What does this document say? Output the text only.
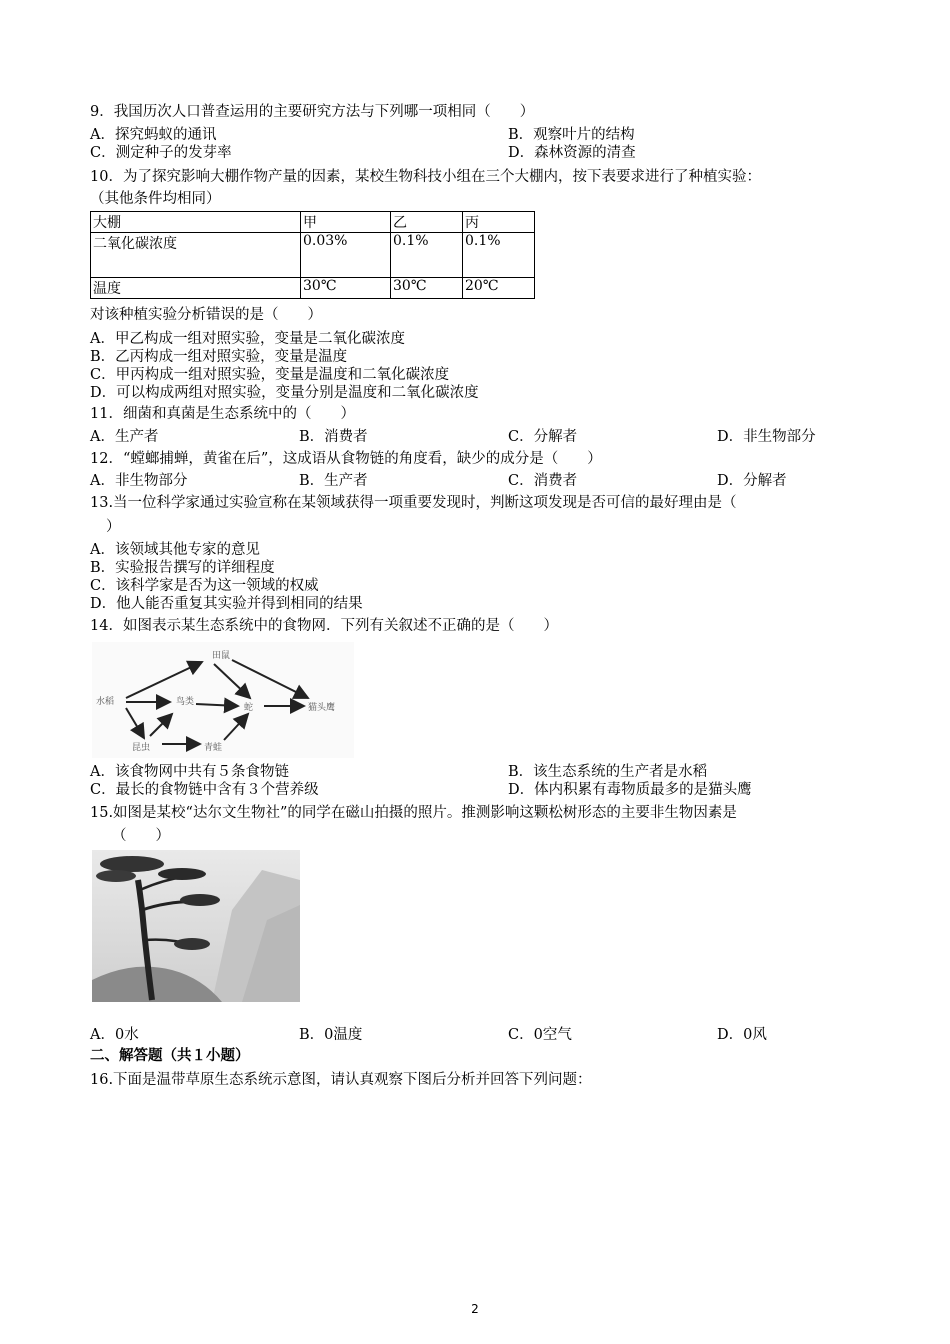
9．我国历次人口普查运用的主要研究方法与下列哪一项相同（　　）
A．探究蚂蚁的通讯	B．观察叶片的结构
C．测定种子的发芽率	D．森林资源的清查
10．为了探究影响大棚作物产量的因素，某校生物科技小组在三个大棚内，按下表要求进行了种植实验：
（其他条件均相同）
大棚	甲	乙	丙
二氧化碳浓度	0.03%	0.1%	0.1%
温度	30℃	30℃	20℃
对该种植实验分析错误的是（　　）
A．甲乙构成一组对照实验，变量是二氧化碳浓度
B．乙丙构成一组对照实验，变量是温度
C．甲丙构成一组对照实验，变量是温度和二氧化碳浓度
D．可以构成两组对照实验，变量分别是温度和二氧化碳浓度
11．细菌和真菌是生态系统中的（　　）
A．生产者	B．消费者	C．分解者	D．非生物部分
12．“螳螂捕蝉，黄雀在后”，这成语从食物链的角度看，缺少的成分是（　　）
A．非生物部分	B．生产者	C．消费者	D．分解者
13.当一位科学家通过实验宣称在某领域获得一项重要发现时，判断这项发现是否可信的最好理由是（
）
A．该领域其他专家的意见
B．实验报告撰写的详细程度
C．该科学家是否为这一领域的权威
D．他人能否重复其实验并得到相同的结果
14．如图表示某生态系统中的食物网．下列有关叙述不正确的是（　　）
田鼠
水稻	鸟类
蛇	猫头鹰
昆虫	青蛙
A．该食物网中共有５条食物链	B．该生态系统的生产者是水稻
C．最长的食物链中含有３个营养级	D．体内积累有毒物质最多的是猫头鹰
15.如图是某校“达尔文生物社”的同学在磁山拍摄的照片。推测影响这颗松树形态的主要非生物因素是
（　　）
A．0水	B．0温度	C．0空气	D．0风
二、解答题（共１小题）
16.下面是温带草原生态系统示意图，请认真观察下图后分析并回答下列问题：
2
